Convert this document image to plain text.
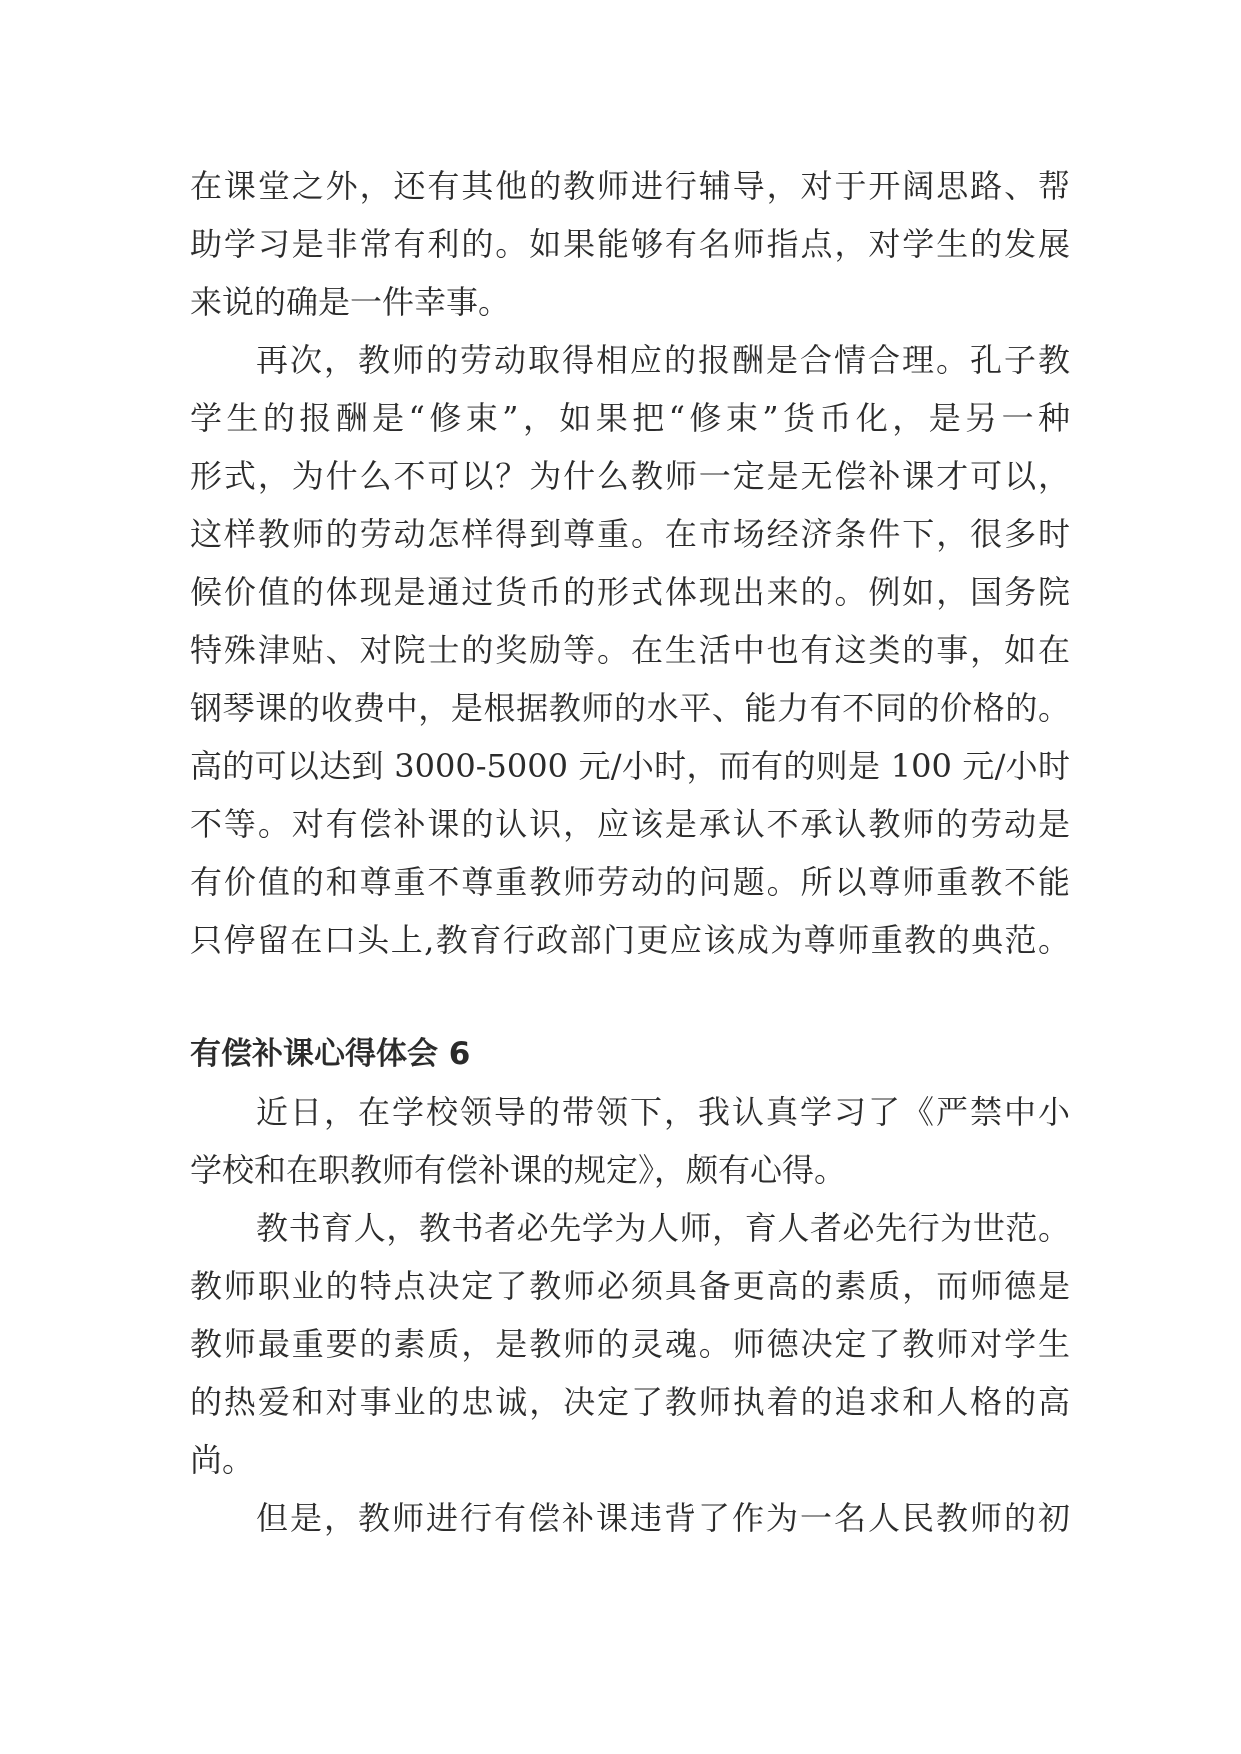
在课堂之外，还有其他的教师进行辅导，对于开阔思路、帮

助学习是非常有利的。如果能够有名师指点，对学生的发展

来说的确是一件幸事。

再次，教师的劳动取得相应的报酬是合情合理。孔子教

学生的报酬是“修束”，如果把“修束”货币化，是另一种

形式，为什么不可以？为什么教师一定是无偿补课才可以，

这样教师的劳动怎样得到尊重。在市场经济条件下，很多时

候价值的体现是通过货币的形式体现出来的。例如，国务院

特殊津贴、对院士的奖励等。在生活中也有这类的事，如在

钢琴课的收费中，是根据教师的水平、能力有不同的价格的。

高的可以达到 3000-5000 元/小时，而有的则是 100 元/小时

不等。对有偿补课的认识，应该是承认不承认教师的劳动是

有价值的和尊重不尊重教师劳动的问题。所以尊师重教不能

只停留在口头上,教育行政部门更应该成为尊师重教的典范。

有偿补课心得体会 6

近日，在学校领导的带领下，我认真学习了《严禁中小

学校和在职教师有偿补课的规定》，颇有心得。

教书育人，教书者必先学为人师，育人者必先行为世范。

教师职业的特点决定了教师必须具备更高的素质，而师德是

教师最重要的素质，是教师的灵魂。师德决定了教师对学生

的热爱和对事业的忠诚，决定了教师执着的追求和人格的高

尚。

但是，教师进行有偿补课违背了作为一名人民教师的初
